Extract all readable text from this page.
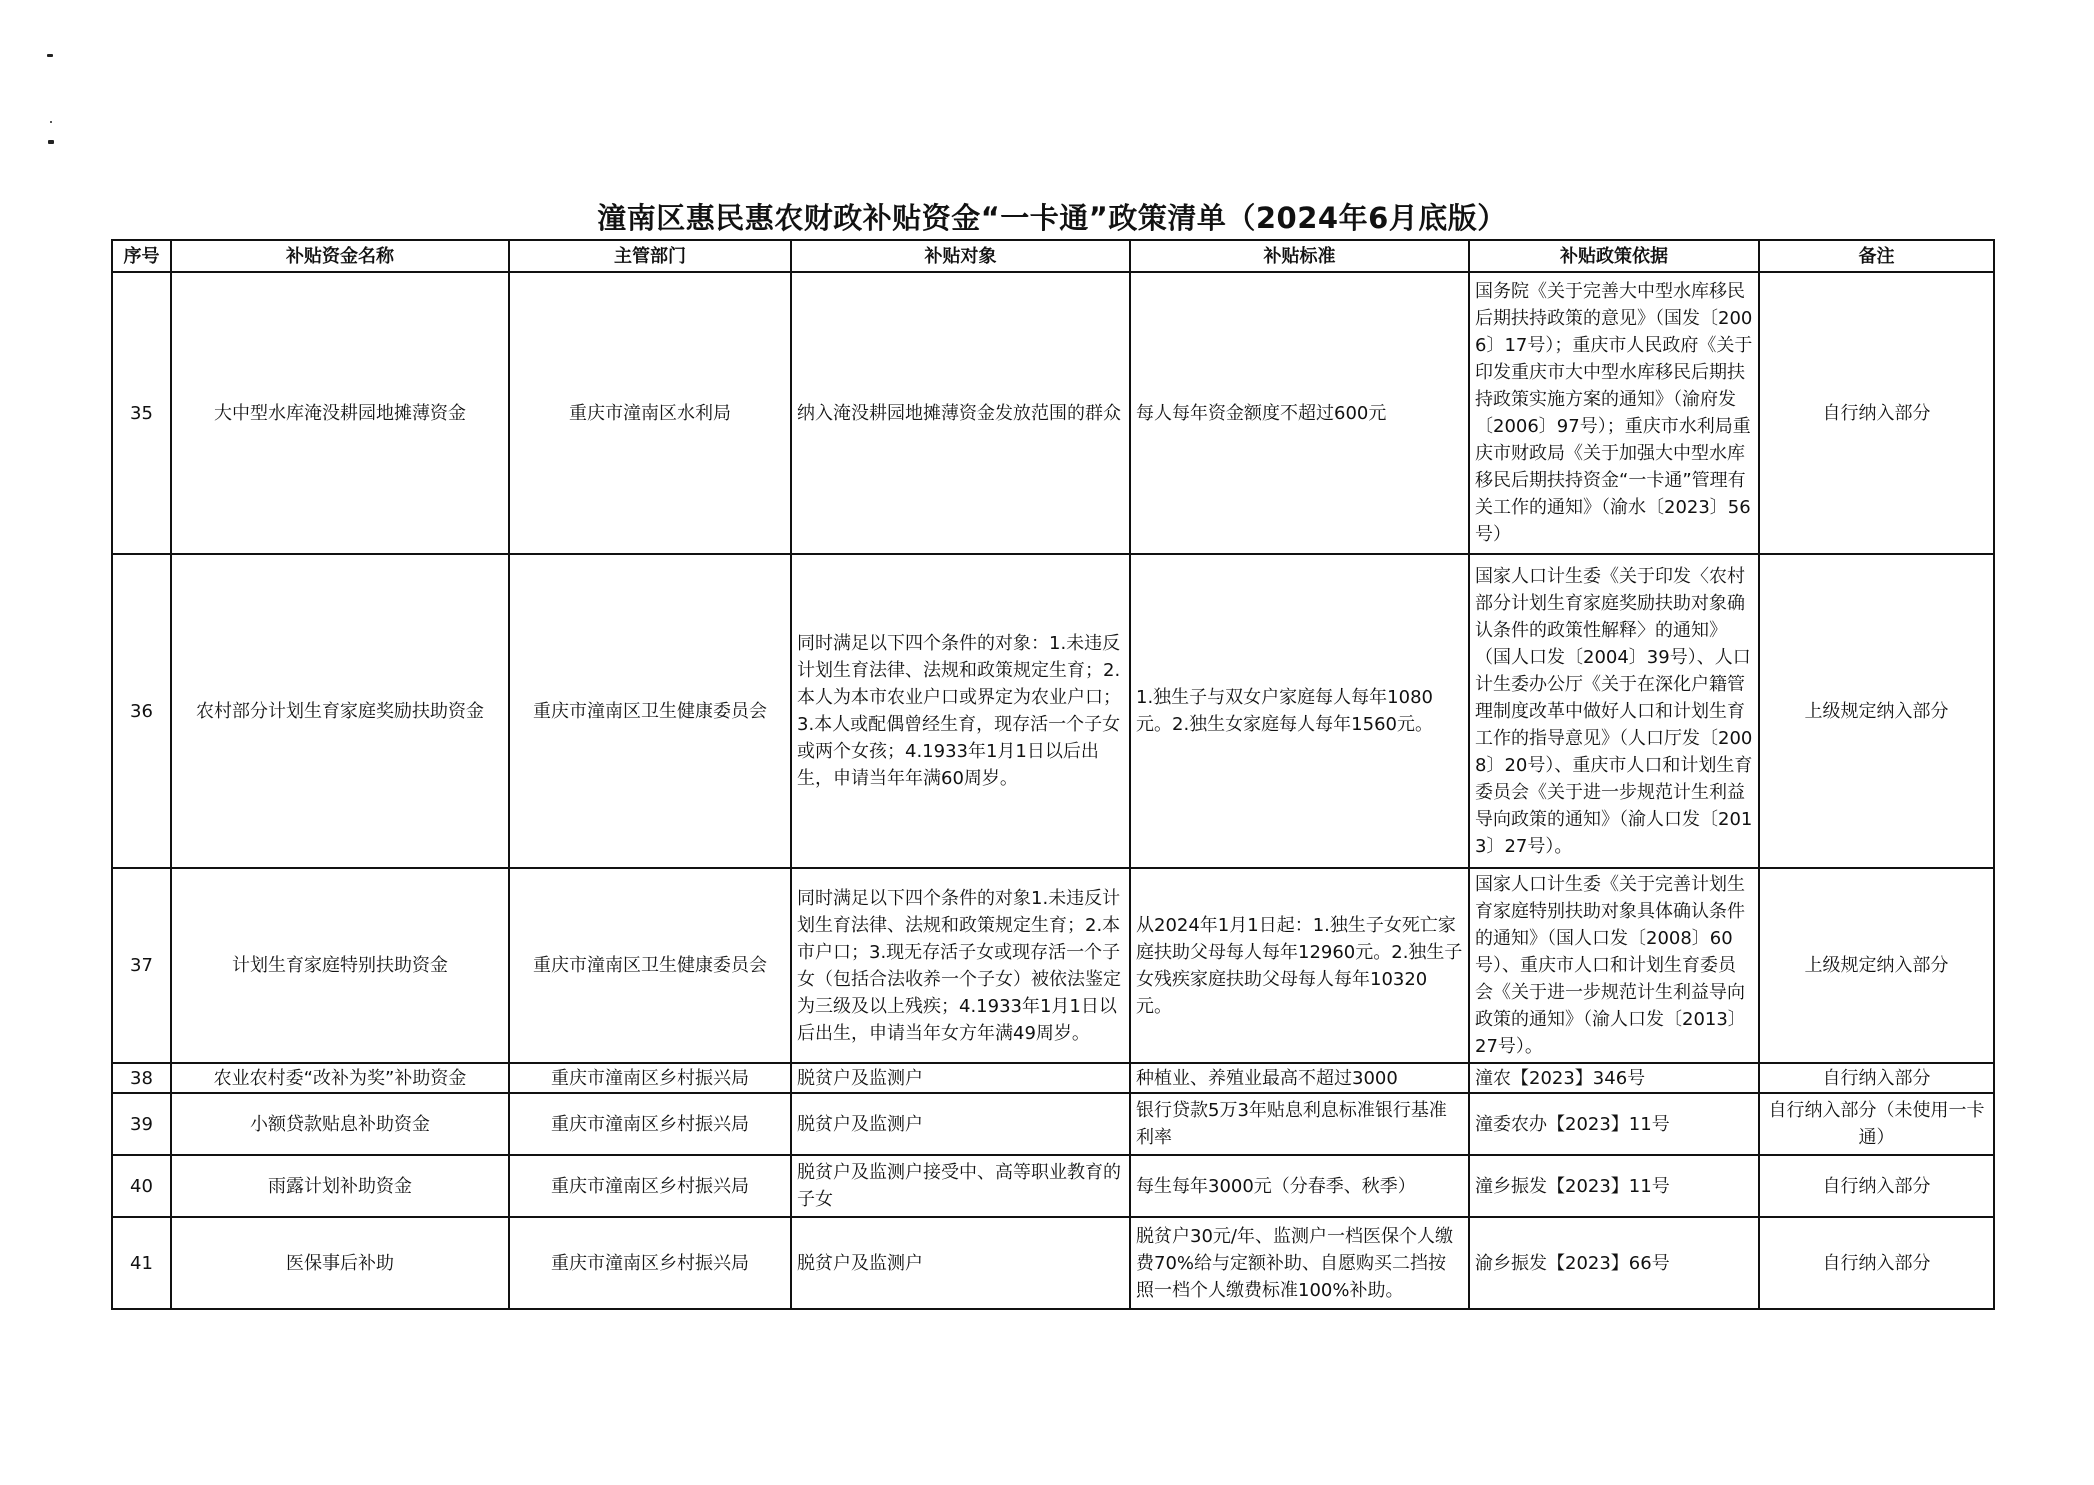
潼南区惠民惠农财政补贴资金“一卡通”政策清单（2024年6月底版）
序号	补贴资金名称	主管部门	补贴对象	补贴标准	补贴政策依据	备注
35	大中型水库淹没耕园地摊薄资金	重庆市潼南区水利局	纳入淹没耕园地摊薄资金发放范围的群众	每人每年资金额度不超过600元	国务院《关于完善大中型水库移民后期扶持政策的意见》（国发〔2006〕17号）；重庆市人民政府《关于印发重庆市大中型水库移民后期扶持政策实施方案的通知》（渝府发〔2006〕97号）；重庆市水利局重庆市财政局《关于加强大中型水库移民后期扶持资金“一卡通”管理有关工作的通知》（渝水〔2023〕56号）	自行纳入部分
36	农村部分计划生育家庭奖励扶助资金	重庆市潼南区卫生健康委员会	同时满足以下四个条件的对象：1.未违反计划生育法律、法规和政策规定生育；2.本人为本市农业户口或界定为农业户口；3.本人或配偶曾经生育，现存活一个子女或两个女孩；4.1933年1月1日以后出生，申请当年年满60周岁。	1.独生子与双女户家庭每人每年1080元。2.独生女家庭每人每年1560元。	国家人口计生委《关于印发〈农村部分计划生育家庭奖励扶助对象确认条件的政策性解释〉的通知》（国人口发〔2004〕39号）、人口计生委办公厅《关于在深化户籍管理制度改革中做好人口和计划生育工作的指导意见》（人口厅发〔2008〕20号）、重庆市人口和计划生育委员会《关于进一步规范计生利益导向政策的通知》（渝人口发〔2013〕27号）。	上级规定纳入部分
37	计划生育家庭特别扶助资金	重庆市潼南区卫生健康委员会	同时满足以下四个条件的对象1.未违反计划生育法律、法规和政策规定生育；2.本市户口；3.现无存活子女或现存活一个子女（包括合法收养一个子女）被依法鉴定为三级及以上残疾；4.1933年1月1日以后出生，申请当年女方年满49周岁。	从2024年1月1日起：1.独生子女死亡家庭扶助父母每人每年12960元。2.独生子女残疾家庭扶助父母每人每年10320元。	国家人口计生委《关于完善计划生育家庭特别扶助对象具体确认条件的通知》（国人口发〔2008〕60号）、重庆市人口和计划生育委员会《关于进一步规范计生利益导向政策的通知》（渝人口发〔2013〕27号）。	上级规定纳入部分
38	农业农村委“改补为奖”补助资金	重庆市潼南区乡村振兴局	脱贫户及监测户	种植业、养殖业最高不超过3000	潼农【2023】346号	自行纳入部分
39	小额贷款贴息补助资金	重庆市潼南区乡村振兴局	脱贫户及监测户	银行贷款5万3年贴息利息标准银行基准利率	潼委农办【2023】11号	自行纳入部分（未使用一卡通）
40	雨露计划补助资金	重庆市潼南区乡村振兴局	脱贫户及监测户接受中、高等职业教育的子女	每生每年3000元（分春季、秋季）	潼乡振发【2023】11号	自行纳入部分
41	医保事后补助	重庆市潼南区乡村振兴局	脱贫户及监测户	脱贫户30元/年、监测户一档医保个人缴费70%给与定额补助、自愿购买二挡按照一档个人缴费标准100%补助。	渝乡振发【2023】66号	自行纳入部分
